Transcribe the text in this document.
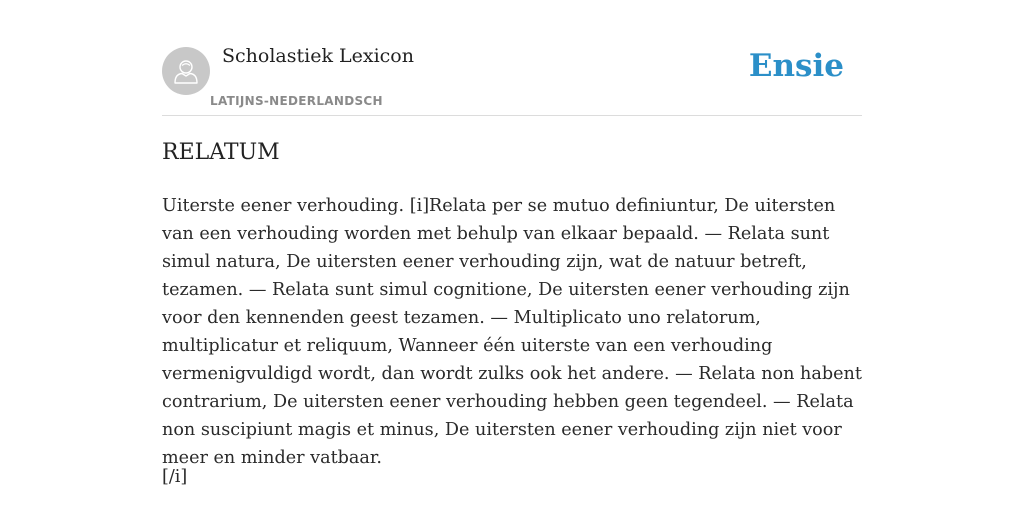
Scholastiek Lexicon
LATIJNS-NEDERLANDSCH
Ensie
RELATUM

Uiterste eener verhouding. [i]Relata per se mutuo definiuntur, De uitersten van een verhouding worden met behulp van elkaar bepaald. — Relata sunt simul natura, De uitersten eener verhouding zijn, wat de natuur betreft, tezamen. — Relata sunt simul cognitione, De uitersten eener verhouding zijn voor den kennenden geest tezamen. — Multiplicato uno relatorum, multiplicatur et reliquum, Wanneer één uiterste van een verhouding vermenigvuldigd wordt, dan wordt zulks ook het andere. — Relata non habent contrarium, De uitersten eener verhouding hebben geen tegendeel. — Relata non suscipiunt magis et minus, De uitersten eener verhouding zijn niet voor meer en minder vatbaar.

[/i]
